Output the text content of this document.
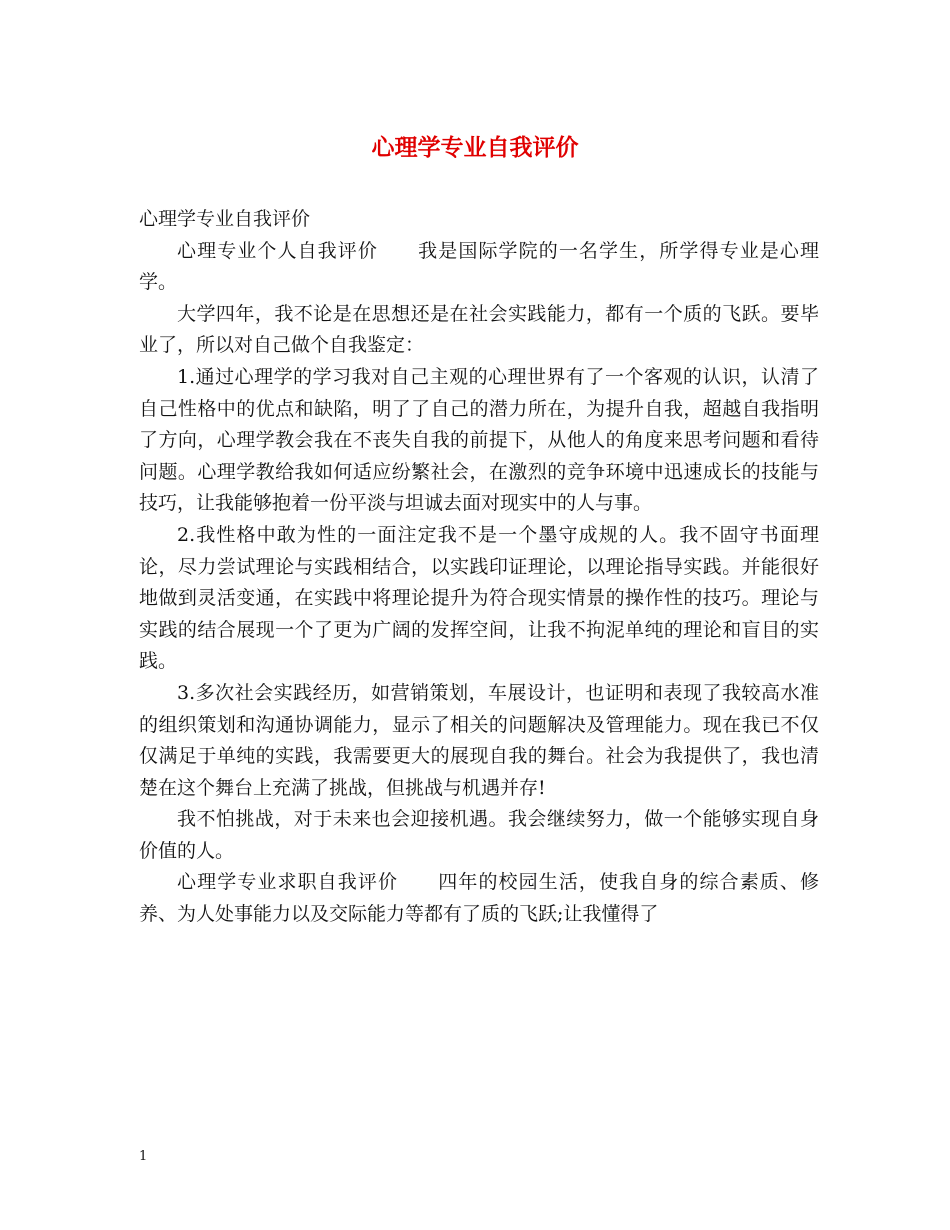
心理学专业自我评价

心理学专业自我评价

心理专业个人自我评价　　我是国际学院的一名学生，所学得专业是心理学。

大学四年，我不论是在思想还是在社会实践能力，都有一个质的飞跃。要毕业了，所以对自己做个自我鉴定：

1.通过心理学的学习我对自己主观的心理世界有了一个客观的认识，认清了自己性格中的优点和缺陷，明了了自己的潜力所在，为提升自我，超越自我指明了方向，心理学教会我在不丧失自我的前提下，从他人的角度来思考问题和看待问题。心理学教给我如何适应纷繁社会，在激烈的竞争环境中迅速成长的技能与技巧，让我能够抱着一份平淡与坦诚去面对现实中的人与事。

2.我性格中敢为性的一面注定我不是一个墨守成规的人。我不固守书面理论，尽力尝试理论与实践相结合，以实践印证理论，以理论指导实践。并能很好地做到灵活变通，在实践中将理论提升为符合现实情景的操作性的技巧。理论与实践的结合展现一个了更为广阔的发挥空间，让我不拘泥单纯的理论和盲目的实践。

3.多次社会实践经历，如营销策划，车展设计，也证明和表现了我较高水准的组织策划和沟通协调能力，显示了相关的问题解决及管理能力。现在我已不仅仅满足于单纯的实践，我需要更大的展现自我的舞台。社会为我提供了，我也清楚在这个舞台上充满了挑战，但挑战与机遇并存!

我不怕挑战，对于未来也会迎接机遇。我会继续努力，做一个能够实现自身价值的人。

心理学专业求职自我评价　　四年的校园生活，使我自身的综合素质、修养、为人处事能力以及交际能力等都有了质的飞跃;让我懂得了

1
